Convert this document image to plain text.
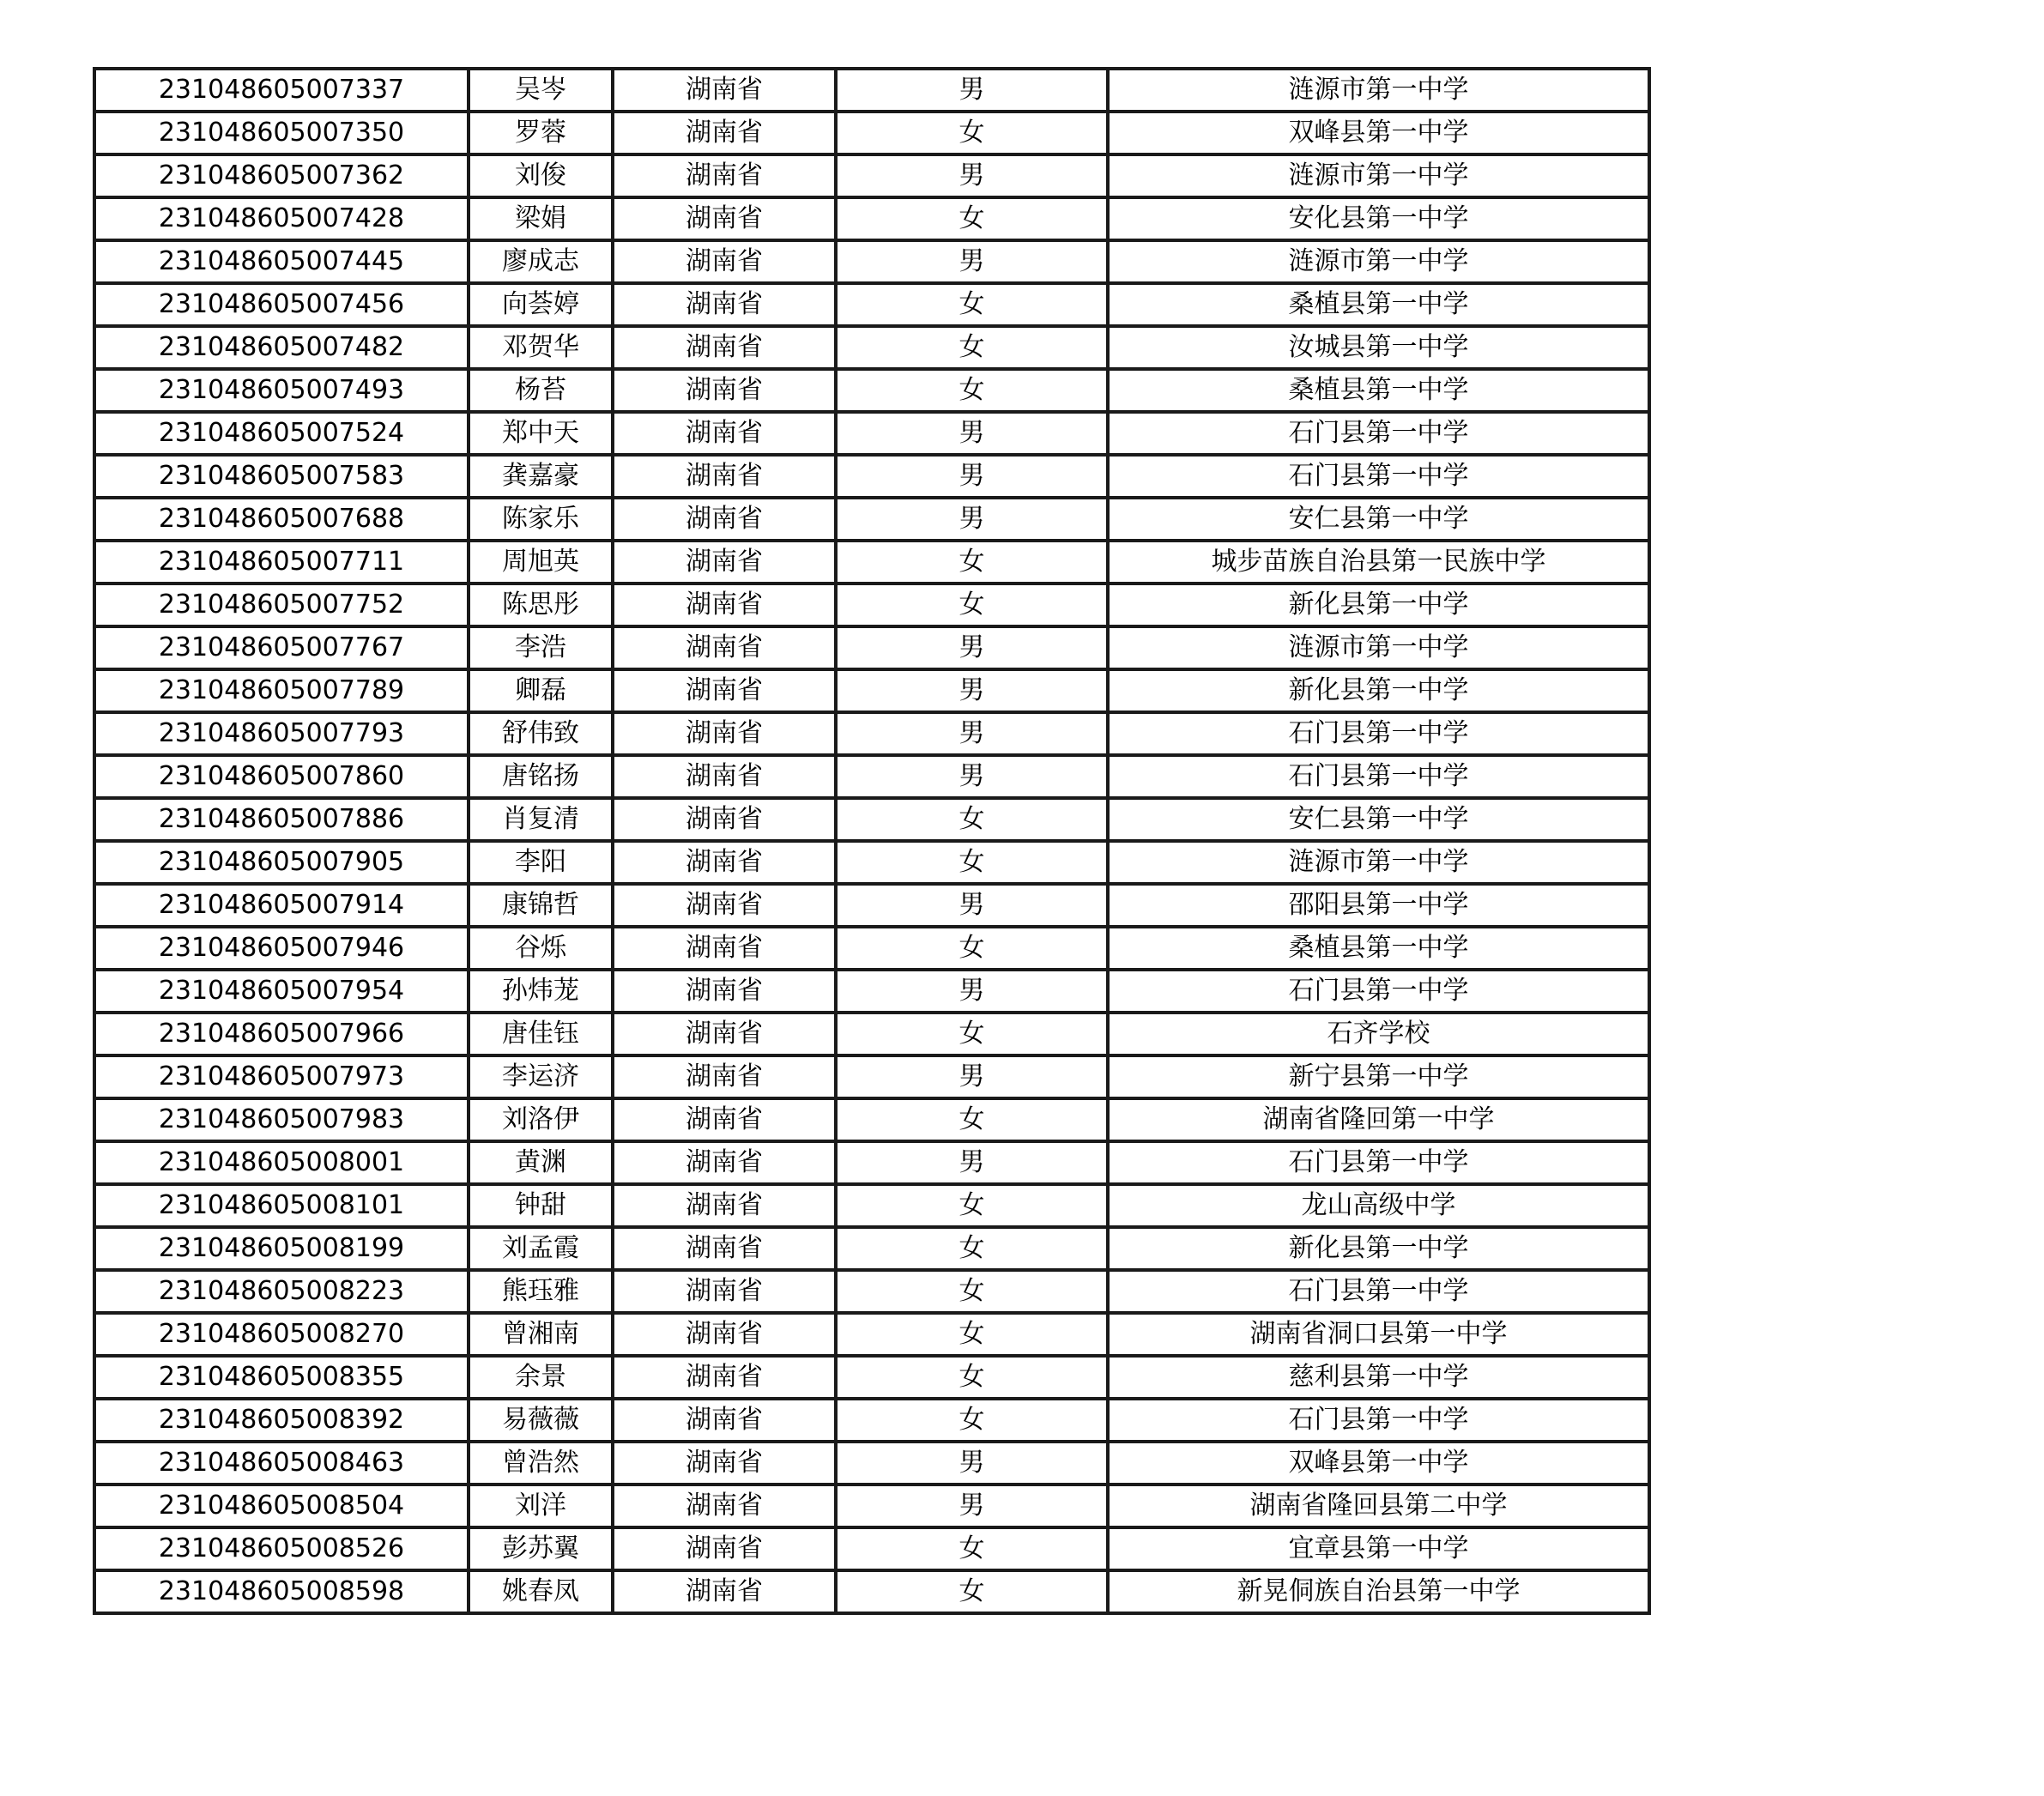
231048605007337	吴岑	湖南省	男	涟源市第一中学
231048605007350	罗蓉	湖南省	女	双峰县第一中学
231048605007362	刘俊	湖南省	男	涟源市第一中学
231048605007428	梁娟	湖南省	女	安化县第一中学
231048605007445	廖成志	湖南省	男	涟源市第一中学
231048605007456	向荟婷	湖南省	女	桑植县第一中学
231048605007482	邓贺华	湖南省	女	汝城县第一中学
231048605007493	杨苔	湖南省	女	桑植县第一中学
231048605007524	郑中天	湖南省	男	石门县第一中学
231048605007583	龚嘉豪	湖南省	男	石门县第一中学
231048605007688	陈家乐	湖南省	男	安仁县第一中学
231048605007711	周旭英	湖南省	女	城步苗族自治县第一民族中学
231048605007752	陈思彤	湖南省	女	新化县第一中学
231048605007767	李浩	湖南省	男	涟源市第一中学
231048605007789	卿磊	湖南省	男	新化县第一中学
231048605007793	舒伟致	湖南省	男	石门县第一中学
231048605007860	唐铭扬	湖南省	男	石门县第一中学
231048605007886	肖复清	湖南省	女	安仁县第一中学
231048605007905	李阳	湖南省	女	涟源市第一中学
231048605007914	康锦哲	湖南省	男	邵阳县第一中学
231048605007946	谷烁	湖南省	女	桑植县第一中学
231048605007954	孙炜茏	湖南省	男	石门县第一中学
231048605007966	唐佳钰	湖南省	女	石齐学校
231048605007973	李运济	湖南省	男	新宁县第一中学
231048605007983	刘洛伊	湖南省	女	湖南省隆回第一中学
231048605008001	黄渊	湖南省	男	石门县第一中学
231048605008101	钟甜	湖南省	女	龙山高级中学
231048605008199	刘孟霞	湖南省	女	新化县第一中学
231048605008223	熊珏雅	湖南省	女	石门县第一中学
231048605008270	曾湘南	湖南省	女	湖南省洞口县第一中学
231048605008355	余景	湖南省	女	慈利县第一中学
231048605008392	易薇薇	湖南省	女	石门县第一中学
231048605008463	曾浩然	湖南省	男	双峰县第一中学
231048605008504	刘洋	湖南省	男	湖南省隆回县第二中学
231048605008526	彭苏翼	湖南省	女	宜章县第一中学
231048605008598	姚春凤	湖南省	女	新晃侗族自治县第一中学
